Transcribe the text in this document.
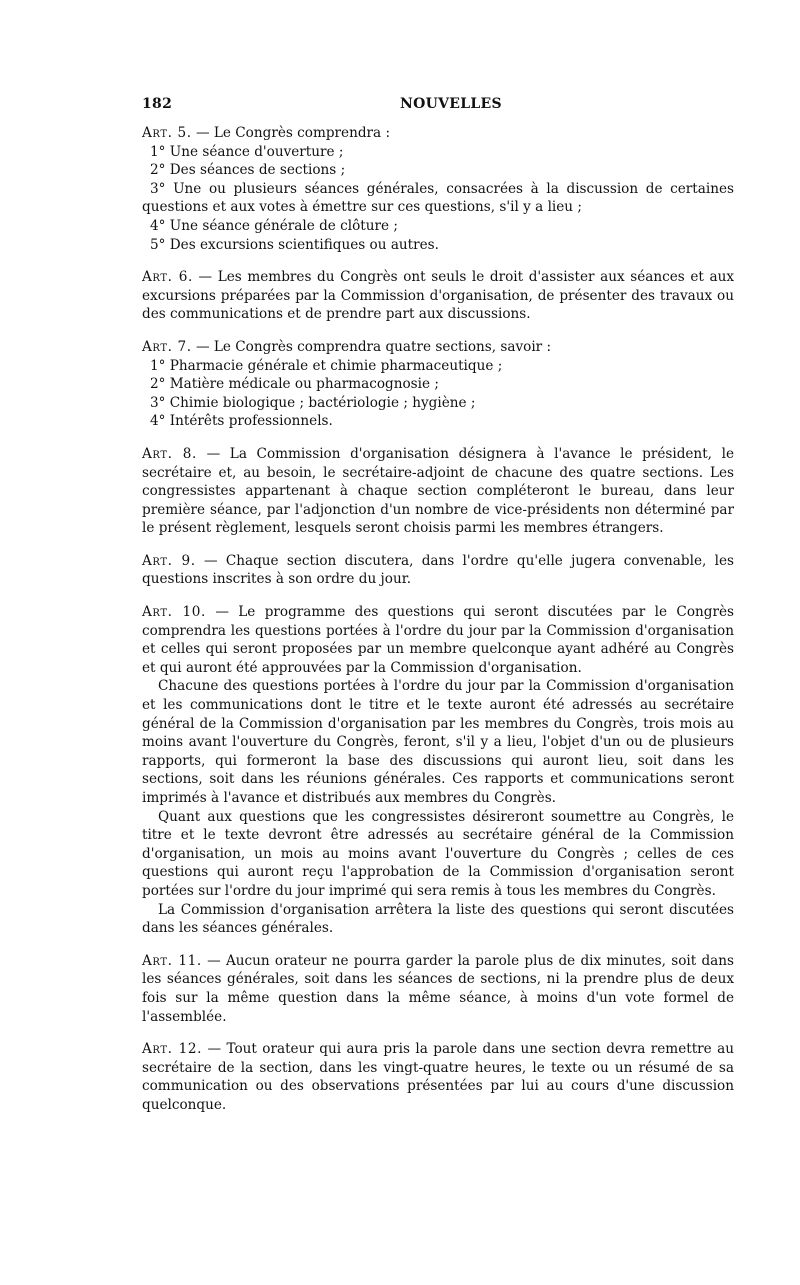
182	NOUVELLES

Art. 5. — Le Congrès comprendra :

1° Une séance d'ouverture ;

2° Des séances de sections ;

3° Une ou plusieurs séances générales, consacrées à la discussion de certaines questions et aux votes à émettre sur ces questions, s'il y a lieu ;

4° Une séance générale de clôture ;

5° Des excursions scientifiques ou autres.

Art. 6. — Les membres du Congrès ont seuls le droit d'assister aux séances et aux excursions préparées par la Commission d'organisation, de présenter des travaux ou des communications et de prendre part aux discussions.

Art. 7. — Le Congrès comprendra quatre sections, savoir :

1° Pharmacie générale et chimie pharmaceutique ;

2° Matière médicale ou pharmacognosie ;

3° Chimie biologique ; bactériologie ; hygiène ;

4° Intérêts professionnels.

Art. 8. — La Commission d'organisation désignera à l'avance le président, le secrétaire et, au besoin, le secrétaire-adjoint de chacune des quatre sections. Les congressistes appartenant à chaque section compléteront le bureau, dans leur première séance, par l'adjonction d'un nombre de vice-présidents non déterminé par le présent règlement, lesquels seront choisis parmi les membres étrangers.

Art. 9. — Chaque section discutera, dans l'ordre qu'elle jugera convenable, les questions inscrites à son ordre du jour.

Art. 10. — Le programme des questions qui seront discutées par le Congrès comprendra les questions portées à l'ordre du jour par la Commission d'organisation et celles qui seront proposées par un membre quelconque ayant adhéré au Congrès et qui auront été approuvées par la Commission d'organisation.

Chacune des questions portées à l'ordre du jour par la Commission d'organisation et les communications dont le titre et le texte auront été adressés au secrétaire général de la Commission d'organisation par les membres du Congrès, trois mois au moins avant l'ouverture du Congrès, feront, s'il y a lieu, l'objet d'un ou de plusieurs rapports, qui formeront la base des discussions qui auront lieu, soit dans les sections, soit dans les réunions générales. Ces rapports et communications seront imprimés à l'avance et distribués aux membres du Congrès.

Quant aux questions que les congressistes désireront soumettre au Congrès, le titre et le texte devront être adressés au secrétaire général de la Commission d'organisation, un mois au moins avant l'ouverture du Congrès ; celles de ces questions qui auront reçu l'approbation de la Commission d'organisation seront portées sur l'ordre du jour imprimé qui sera remis à tous les membres du Congrès.

La Commission d'organisation arrêtera la liste des questions qui seront discutées dans les séances générales.

Art. 11. — Aucun orateur ne pourra garder la parole plus de dix minutes, soit dans les séances générales, soit dans les séances de sections, ni la prendre plus de deux fois sur la même question dans la même séance, à moins d'un vote formel de l'assemblée.

Art. 12. — Tout orateur qui aura pris la parole dans une section devra remettre au secrétaire de la section, dans les vingt-quatre heures, le texte ou un résumé de sa communication ou des observations présentées par lui au cours d'une discussion quelconque.
